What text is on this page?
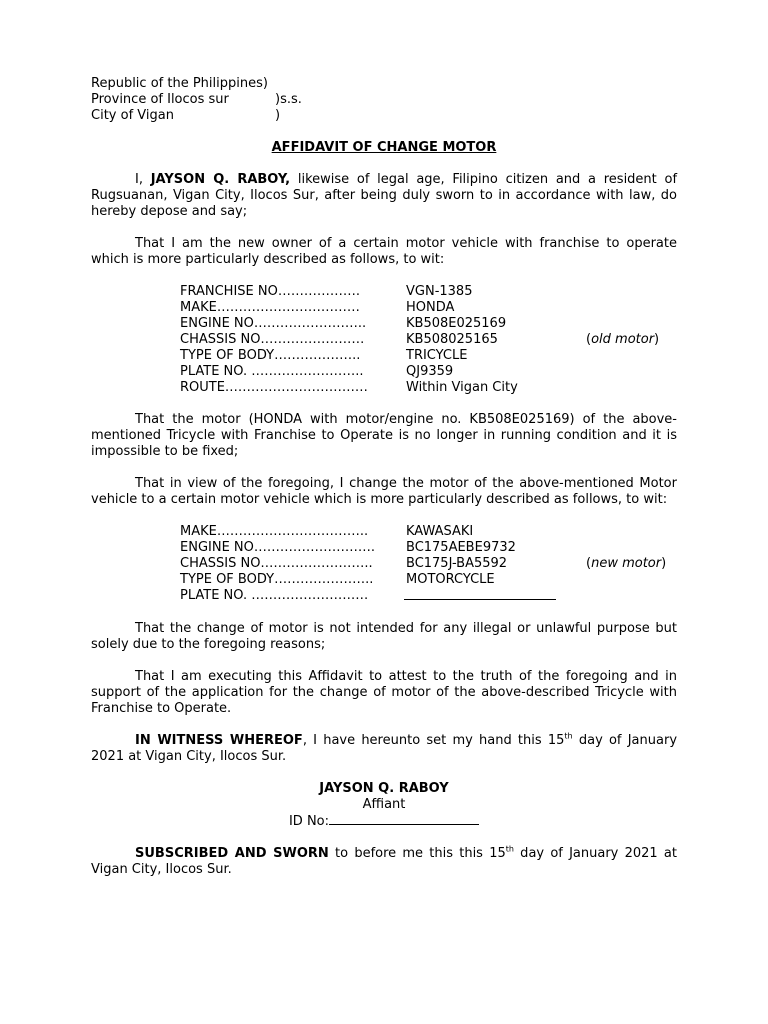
Republic of the Philippines)
Province of Ilocos sur	)s.s.
City of Vigan	)
AFFIDAVIT OF CHANGE MOTOR

I, JAYSON Q. RABOY, likewise of legal age, Filipino citizen and a resident of Rugsuanan, Vigan City, Ilocos Sur, after being duly sworn to in accordance with law, do hereby depose and say;

That I am the new owner of a certain motor vehicle with franchise to operate which is more particularly described as follows, to wit:

FRANCHISE NO……………….	VGN-1385	
MAKE……………………………	HONDA	
ENGINE NO……………………..	KB508E025169	
CHASSIS NO……………………	KB508025165	(old motor)
TYPE OF BODY………………..	TRICYCLE	
PLATE NO. ……………………..	QJ9359	
ROUTE……………………………	Within Vigan City	

That the motor (HONDA with motor/engine no. KB508E025169) of the above-mentioned Tricycle with Franchise to Operate is no longer in running condition and it is impossible to be fixed;

That in view of the foregoing, I change the motor of the above-mentioned Motor vehicle to a certain motor vehicle which is more particularly described as follows, to wit:

MAKE……………………………..	KAWASAKI	
ENGINE NO……………………….	BC175AEBE9732	
CHASSIS NO……………………..	BC175J-BA5592	(new motor)
TYPE OF BODY…………………..	MOTORCYCLE	
PLATE NO. ………………………		

That the change of motor is not intended for any illegal or unlawful purpose but solely due to the foregoing reasons;

That I am executing this Affidavit to attest to the truth of the foregoing and in support of the application for the change of motor of the above-described Tricycle with Franchise to Operate.

IN WITNESS WHEREOF, I have hereunto set my hand this 15th day of January 2021 at Vigan City, Ilocos Sur.

JAYSON Q. RABOY
Affiant
ID No:

SUBSCRIBED AND SWORN to before me this this 15th day of January 2021 at Vigan City, Ilocos Sur.
